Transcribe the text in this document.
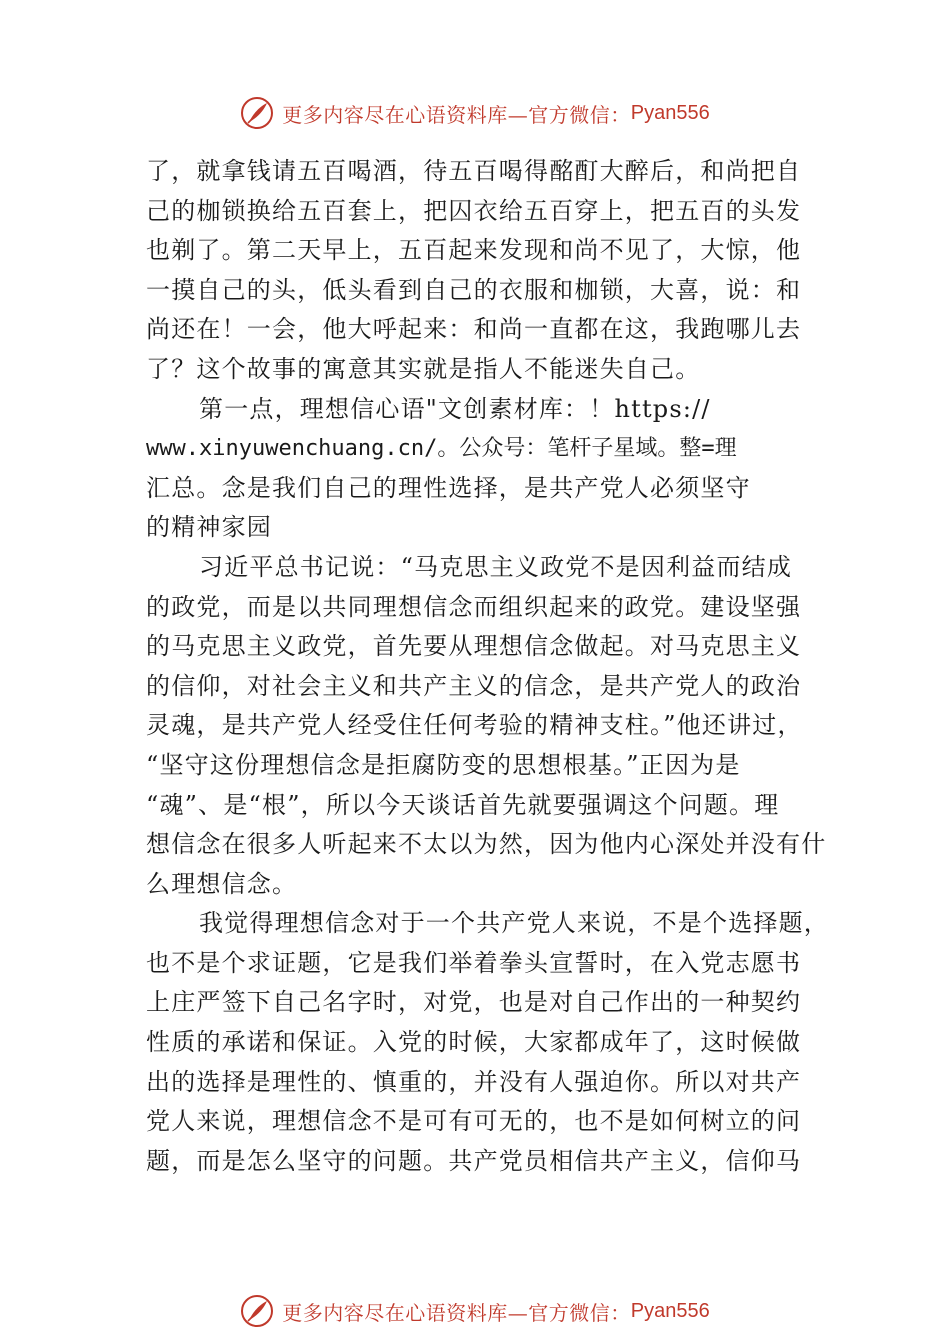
更多内容尽在心语资料库—官方微信： Pyan556
了，就拿钱请五百喝酒，待五百喝得酩酊大醉后，和尚把自
己的枷锁换给五百套上，把囚衣给五百穿上，把五百的头发
也剃了。第二天早上，五百起来发现和尚不见了，大惊，他
一摸自己的头，低头看到自己的衣服和枷锁，大喜，说：和
尚还在！一会，他大呼起来：和尚一直都在这，我跑哪儿去
了？这个故事的寓意其实就是指人不能迷失自己。
第一点，理想信心语"文创素材库：！https://
www.xinyuwenchuang.cn/。公众号：笔杆子星域。整=理
汇总。念是我们自己的理性选择，是共产党人必须坚守
的精神家园
习近平总书记说：“马克思主义政党不是因利益而结成
的政党，而是以共同理想信念而组织起来的政党。建设坚强
的马克思主义政党，首先要从理想信念做起。对马克思主义
的信仰，对社会主义和共产主义的信念，是共产党人的政治
灵魂，是共产党人经受住任何考验的精神支柱。”他还讲过，
“坚守这份理想信念是拒腐防变的思想根基。”正因为是
“魂”、是“根”，所以今天谈话首先就要强调这个问题。理
想信念在很多人听起来不太以为然，因为他内心深处并没有什
么理想信念。
我觉得理想信念对于一个共产党人来说，不是个选择题，
也不是个求证题，它是我们举着拳头宣誓时，在入党志愿书
上庄严签下自己名字时，对党，也是对自己作出的一种契约
性质的承诺和保证。入党的时候，大家都成年了，这时候做
出的选择是理性的、慎重的，并没有人强迫你。所以对共产
党人来说，理想信念不是可有可无的，也不是如何树立的问
题，而是怎么坚守的问题。共产党员相信共产主义，信仰马
更多内容尽在心语资料库—官方微信： Pyan556
